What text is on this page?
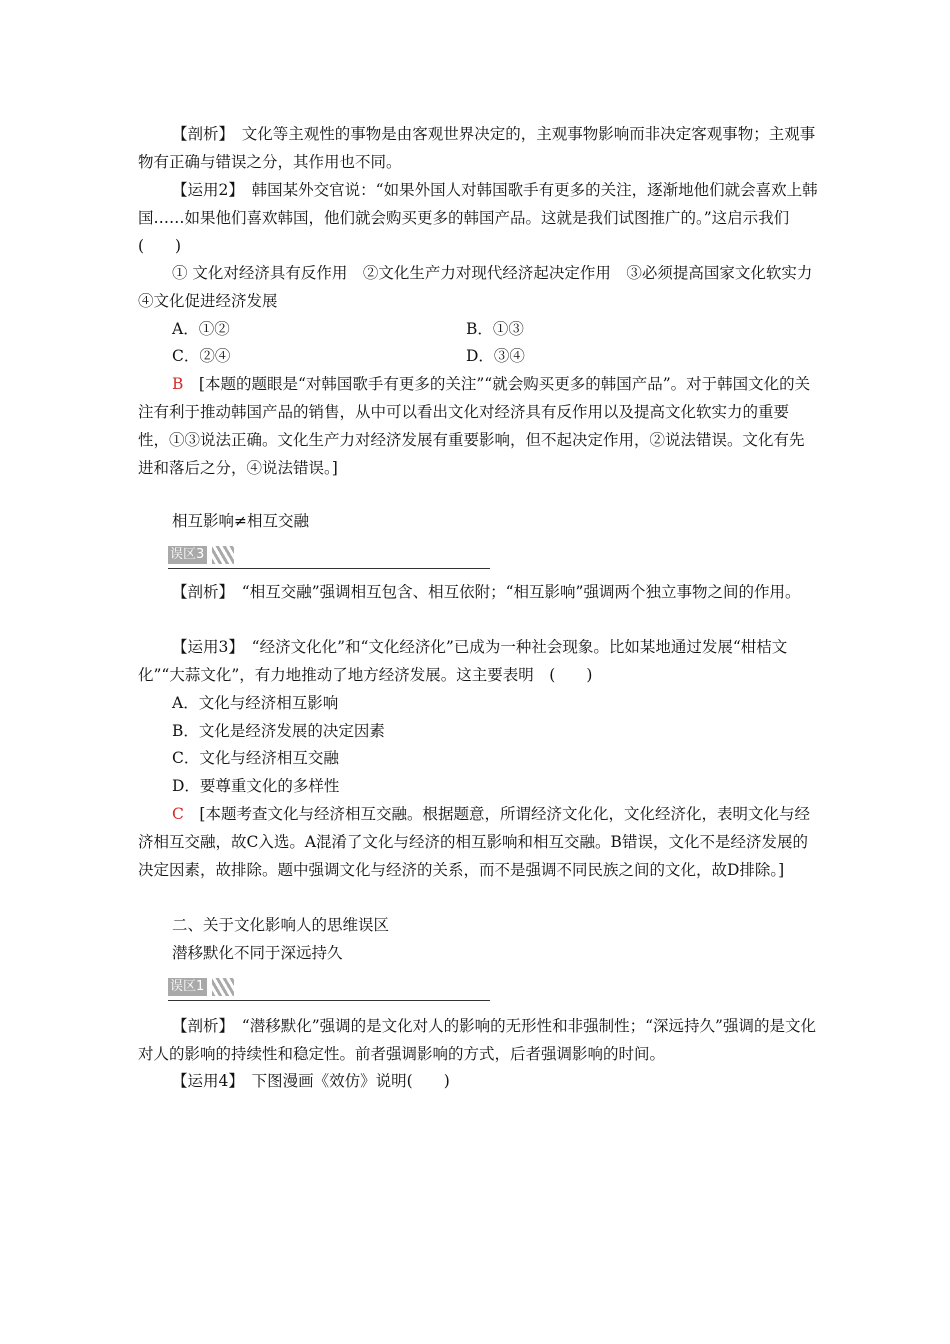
【剖析】　 文化等主观性的事物是由客观世界决定的，主观事物影响而非决定客观事物；主观事物有正确与错误之分，其作用也不同。

【运用2】　 韩国某外交官说：“如果外国人对韩国歌手有更多的关注，逐渐地他们就会喜欢上韩国……如果他们喜欢韩国，他们就会购买更多的韩国产品。这就是我们试图推广的。”这启示我们(　　)

① 文化对经济具有反作用　②文化生产力对现代经济起决定作用　③必须提高国家文化软实力　④文化促进经济发展

A．①②	B．①③
C．②④	D．③④

B　 [本题的题眼是“对韩国歌手有更多的关注”“就会购买更多的韩国产品”。对于韩国文化的关注有利于推动韩国产品的销售，从中可以看出文化对经济具有反作用以及提高文化软实力的重要性，①③说法正确。文化生产力对经济发展有重要影响，但不起决定作用，②说法错误。文化有先进和落后之分，④说法错误。]

相互影响≠相互交融
误区3

【剖析】　 “相互交融”强调相互包含、相互依附；“相互影响”强调两个独立事物之间的作用。

【运用3】　 “经济文化化”和“文化经济化”已成为一种社会现象。比如某地通过发展“柑桔文化”“大蒜文化”，有力地推动了地方经济发展。这主要表明　(　　)

A．文化与经济相互影响
B．文化是经济发展的决定因素
C．文化与经济相互交融
D．要尊重文化的多样性

C　 [本题考查文化与经济相互交融。根据题意，所谓经济文化化，文化经济化，表明文化与经济相互交融，故C入选。A混淆了文化与经济的相互影响和相互交融。B错误，文化不是经济发展的决定因素，故排除。题中强调文化与经济的关系，而不是强调不同民族之间的文化，故D排除。]

二、关于文化影响人的思维误区
潜移默化不同于深远持久
误区1

【剖析】　 “潜移默化”强调的是文化对人的影响的无形性和非强制性；“深远持久”强调的是文化对人的影响的持续性和稳定性。前者强调影响的方式，后者强调影响的时间。

【运用4】　 下图漫画《效仿》说明(　　)
